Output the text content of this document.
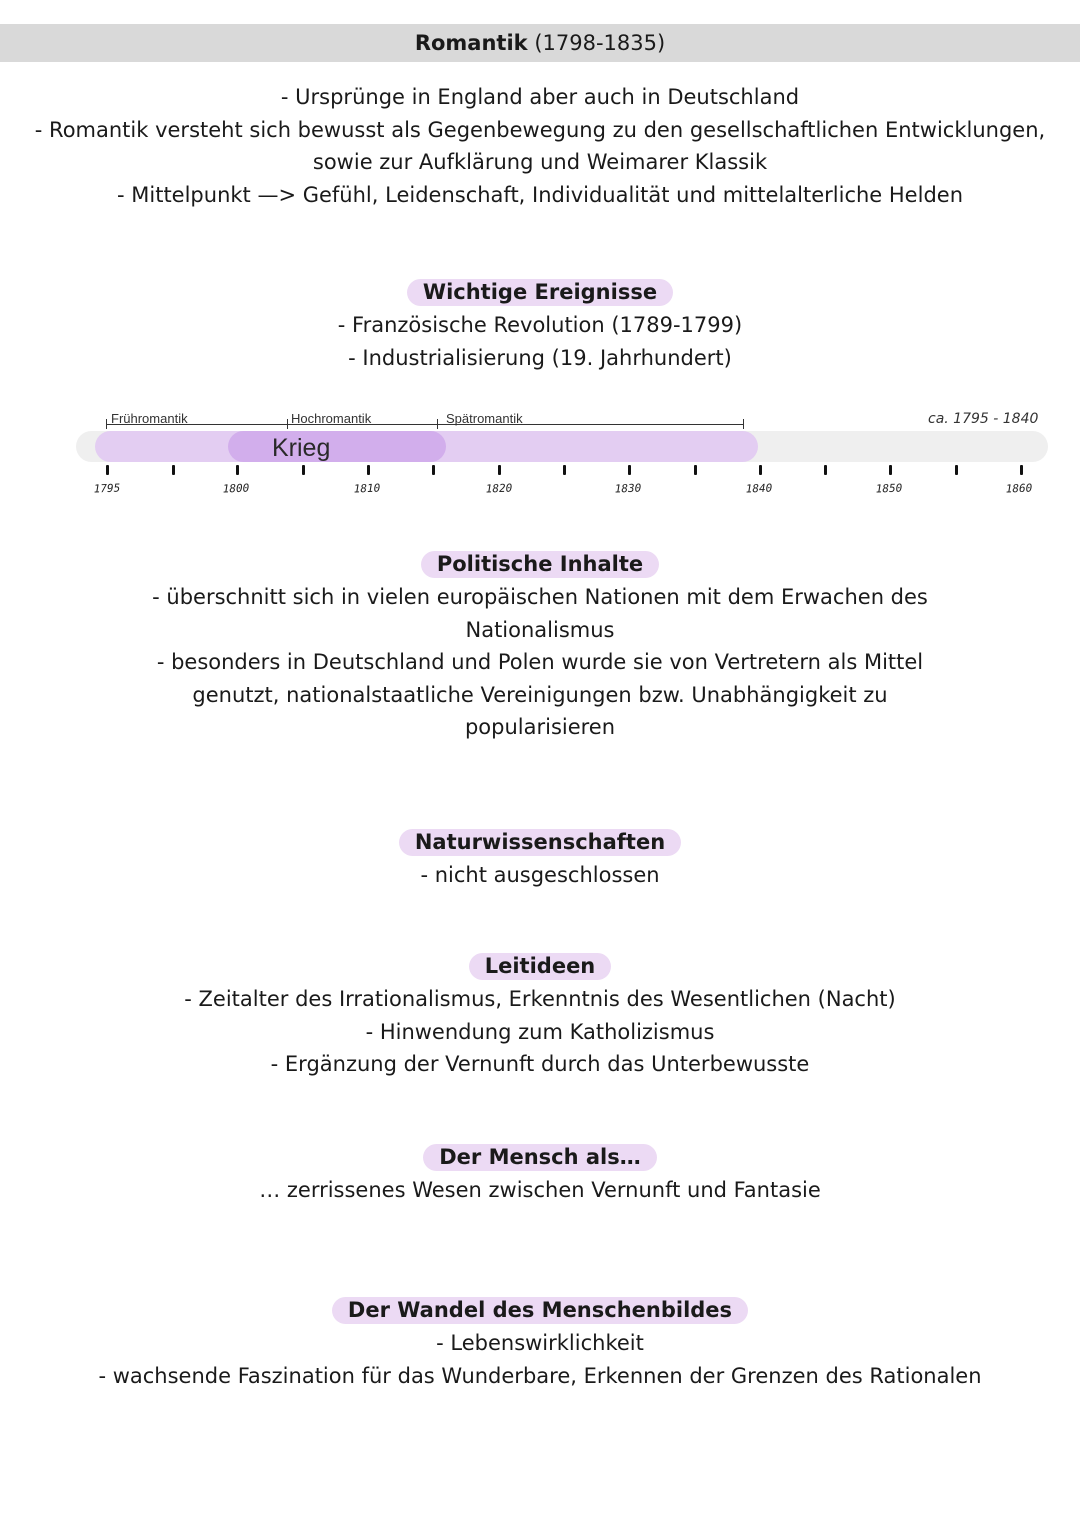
Romantik (1798-1835)
- Ursprünge in England aber auch in Deutschland
- Romantik versteht sich bewusst als Gegenbewegung zu den gesellschaftlichen Entwicklungen,
sowie zur Aufklärung und Weimarer Klassik
- Mittelpunkt —> Gefühl, Leidenschaft, Individualität und mittelalterliche Helden
Wichtige Ereignisse
- Französische Revolution (1789-1799)
- Industrialisierung (19. Jahrhundert)
Frühromantik	Hochromantik	Spätromantik	ca. 1795 - 1840
Krieg
1795	1800	1810	1820	1830	1840	1850	1860
Politische Inhalte
- überschnitt sich in vielen europäischen Nationen mit dem Erwachen des
Nationalismus
- besonders in Deutschland und Polen wurde sie von Vertretern als Mittel
genutzt, nationalstaatliche Vereinigungen bzw. Unabhängigkeit zu
popularisieren
Naturwissenschaften
- nicht ausgeschlossen
Leitideen
- Zeitalter des Irrationalismus, Erkenntnis des Wesentlichen (Nacht)
- Hinwendung zum Katholizismus
- Ergänzung der Vernunft durch das Unterbewusste
Der Mensch als…
… zerrissenes Wesen zwischen Vernunft und Fantasie
Der Wandel des Menschenbildes
- Lebenswirklichkeit
- wachsende Faszination für das Wunderbare, Erkennen der Grenzen des Rationalen
